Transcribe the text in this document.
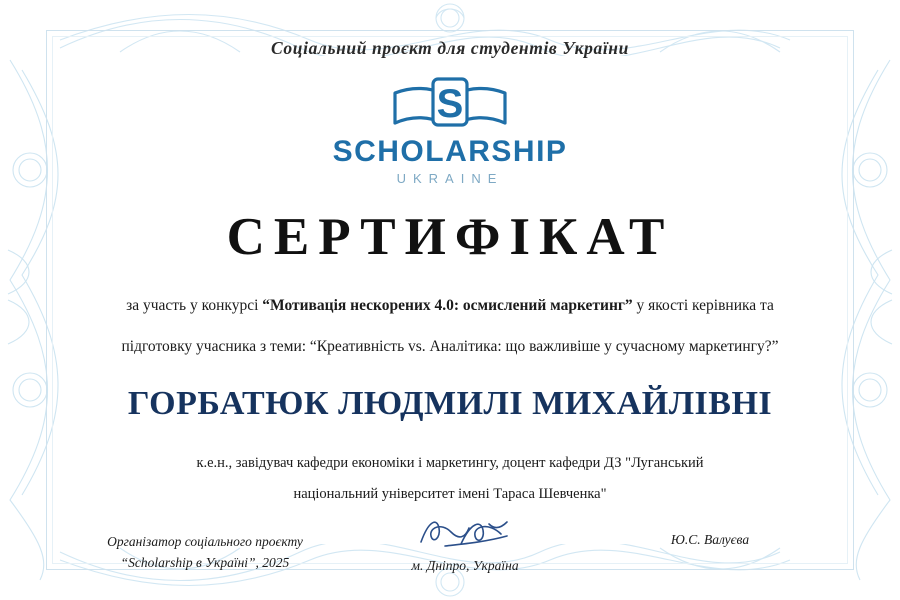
Соціальний проєкт для студентів України
S
SCHOLARSHIP
UKRAINE
СЕРТИФІКАТ
за участь у конкурсі “Мотивація нескорених 4.0: осмислений маркетинг” у якості керівника та
підготовку учасника з теми: “Креативність vs. Аналітика: що важливіше у сучасному маркетингу?”
ГОРБАТЮК ЛЮДМИЛІ МИХАЙЛІВНІ
к.е.н., завідувач кафедри економіки і маркетингу, доцент кафедри ДЗ "Луганський
національний університет імені Тараса Шевченка"
Організатор соціального проєкту
“Scholarship в Україні”, 2025	м. Дніпро, Україна
Ю.С. Валуєва
